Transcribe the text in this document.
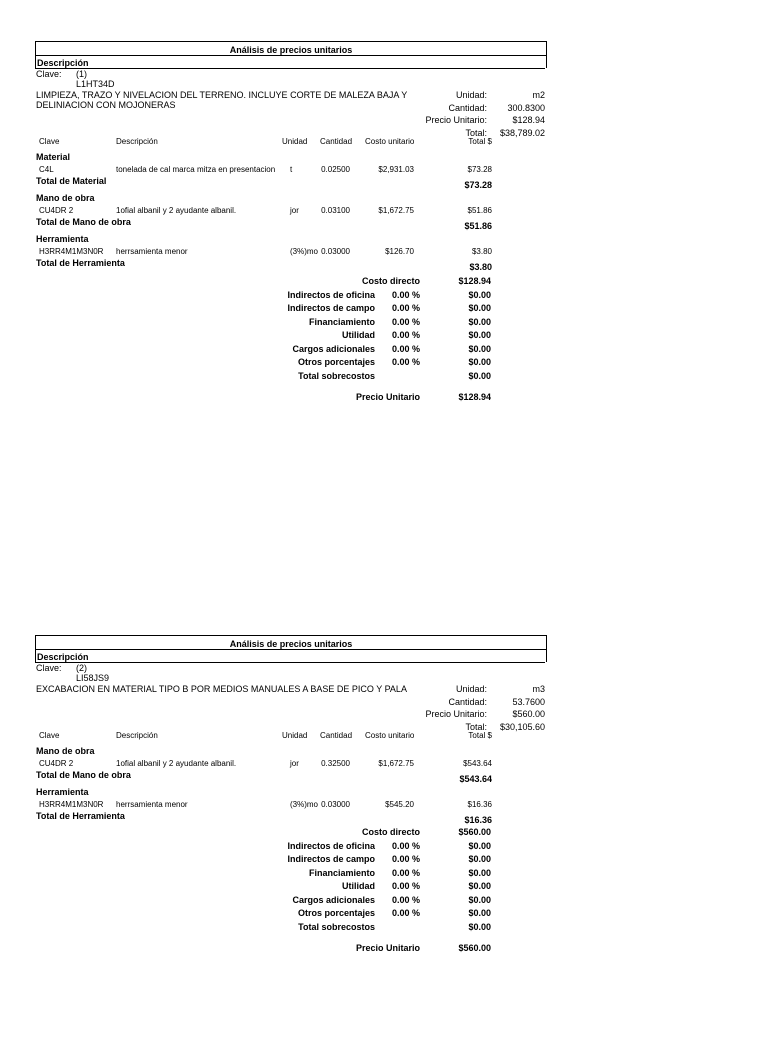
Análisis de precios unitarios
Descripción
Clave: (1)
L1HT34D
LIMPIEZA, TRAZO Y NIVELACION DEL TERRENO. INCLUYE CORTE DE MALEZA BAJA Y
DELINIACION CON MOJONERAS
Unidad:	m2
Cantidad:	300.8300
Precio Unitario:	$128.94
Total:	$38,789.02
Clave	Descripción	Unidad Cantidad Costo unitario	Total $
Material
C4L	tonelada de cal marca mitza en presentacion t	0.02500	$2,931.03	$73.28
Total de Material	$73.28
Mano de obra
CU4DR 2	1ofial albanil y 2 ayudante albanil.	jor	0.03100	$1,672.75	$51.86
Total de Mano de obra	$51.86
Herramienta
H3RR4M1M3N0R herrsamienta menor	(3%)mo 0.03000	$126.70	$3.80
Total de Herramienta	$3.80
Costo directo	$128.94
Indirectos de oficina 0.00 %	$0.00
Indirectos de campo 0.00 %	$0.00
Financiamiento 0.00 %	$0.00
Utilidad 0.00 %	$0.00
Cargos adicionales 0.00 %	$0.00
Otros porcentajes 0.00 %	$0.00
Total sobrecostos	$0.00
Precio Unitario	$128.94
Análisis de precios unitarios
Descripción
Clave: (2)
LI58JS9
EXCABACION EN MATERIAL TIPO B POR MEDIOS MANUALES A BASE DE PICO Y PALA	Unidad:	m3
Cantidad:	53.7600
Precio Unitario:	$560.00
Total:	$30,105.60
Clave	Descripción	Unidad Cantidad Costo unitario	Total $
Mano de obra
CU4DR 2	1ofial albanil y 2 ayudante albanil.	jor	0.32500	$1,672.75	$543.64
Total de Mano de obra	$543.64
Herramienta
H3RR4M1M3N0R herrsamienta menor	(3%)mo 0.03000	$545.20	$16.36
Total de Herramienta	$16.36
Costo directo	$560.00
Indirectos de oficina 0.00 %	$0.00
Indirectos de campo 0.00 %	$0.00
Financiamiento 0.00 %	$0.00
Utilidad 0.00 %	$0.00
Cargos adicionales 0.00 %	$0.00
Otros porcentajes 0.00 %	$0.00
Total sobrecostos	$0.00
Precio Unitario	$560.00
